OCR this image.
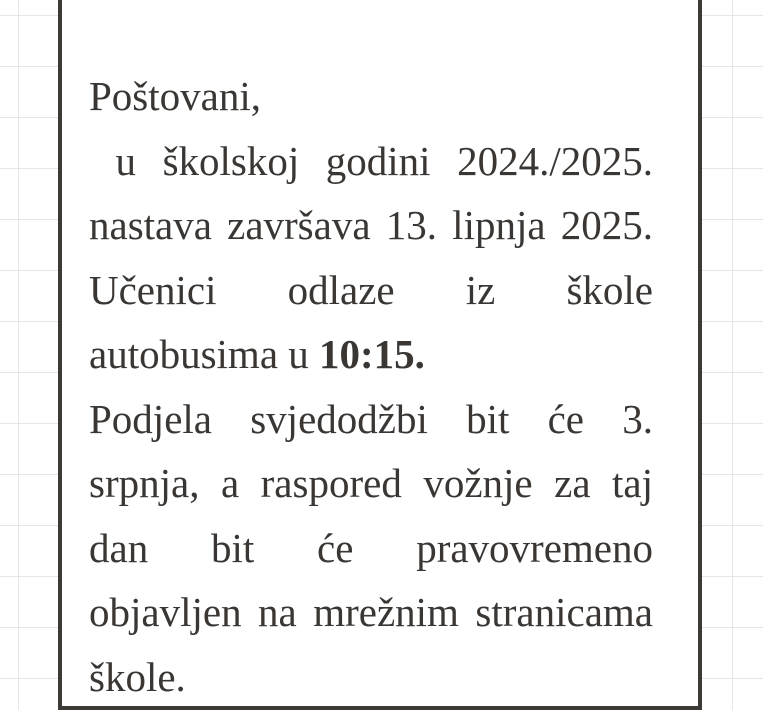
Poštovani,

u školskoj godini 2024./2025. nastava završava 13. lipnja 2025.  Učenici odlaze iz škole autobusima u 10:15.

Podjela svjedodžbi bit će 3. srpnja, a raspored vožnje za taj dan bit će pravovremeno objavljen na mrežnim stranicama škole.
